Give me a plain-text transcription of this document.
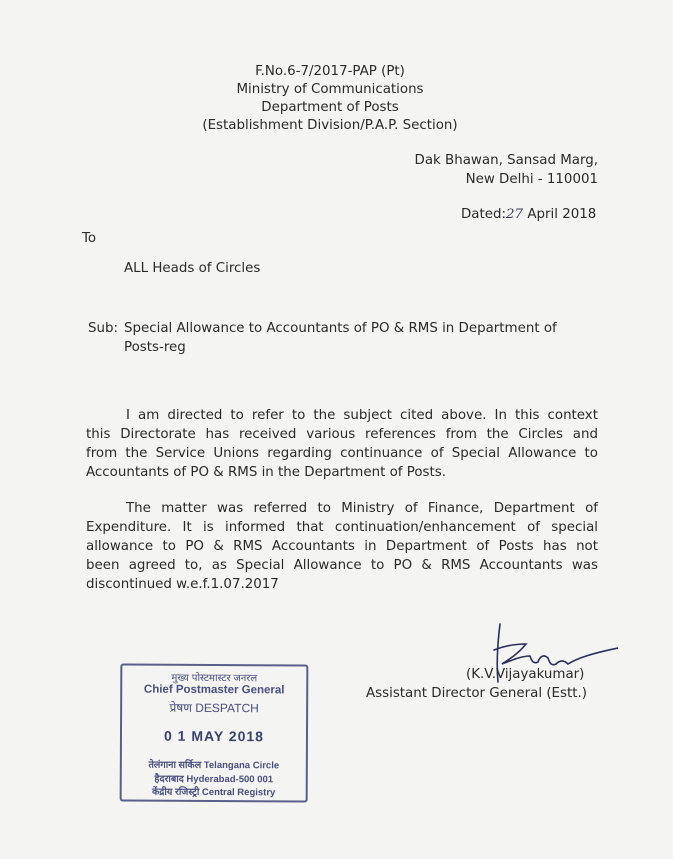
F.No.6-7/2017-PAP (Pt)
Ministry of Communications
Department of Posts
(Establishment Division/P.A.P. Section)
Dak Bhawan, Sansad Marg,
New Delhi - 110001
Dated:27 April 2018
To
ALL Heads of Circles
Sub: Special Allowance to Accountants of PO & RMS in Department of
Posts-reg
I am directed to refer to the subject cited above. In this context
this Directorate has received various references from the Circles and
from the Service Unions regarding continuance of Special Allowance to
Accountants of PO & RMS in the Department of Posts.
The matter was referred to Ministry of Finance, Department of
Expenditure. It is informed that continuation/enhancement of special
allowance to PO & RMS Accountants in Department of Posts has not
been agreed to, as Special Allowance to PO & RMS Accountants was
discontinued w.e.f.1.07.2017
(K.V.Vijayakumar)
Assistant Director General (Estt.)
मुख्य पोस्टमास्टर जनरल
Chief Postmaster General
प्रेषण DESPATCH
0 1 MAY 2018
तेलंगाना सर्किल Telangana Circle
हैदराबाद Hyderabad-500 001
केंद्रीय रजिस्ट्री Central Registry
